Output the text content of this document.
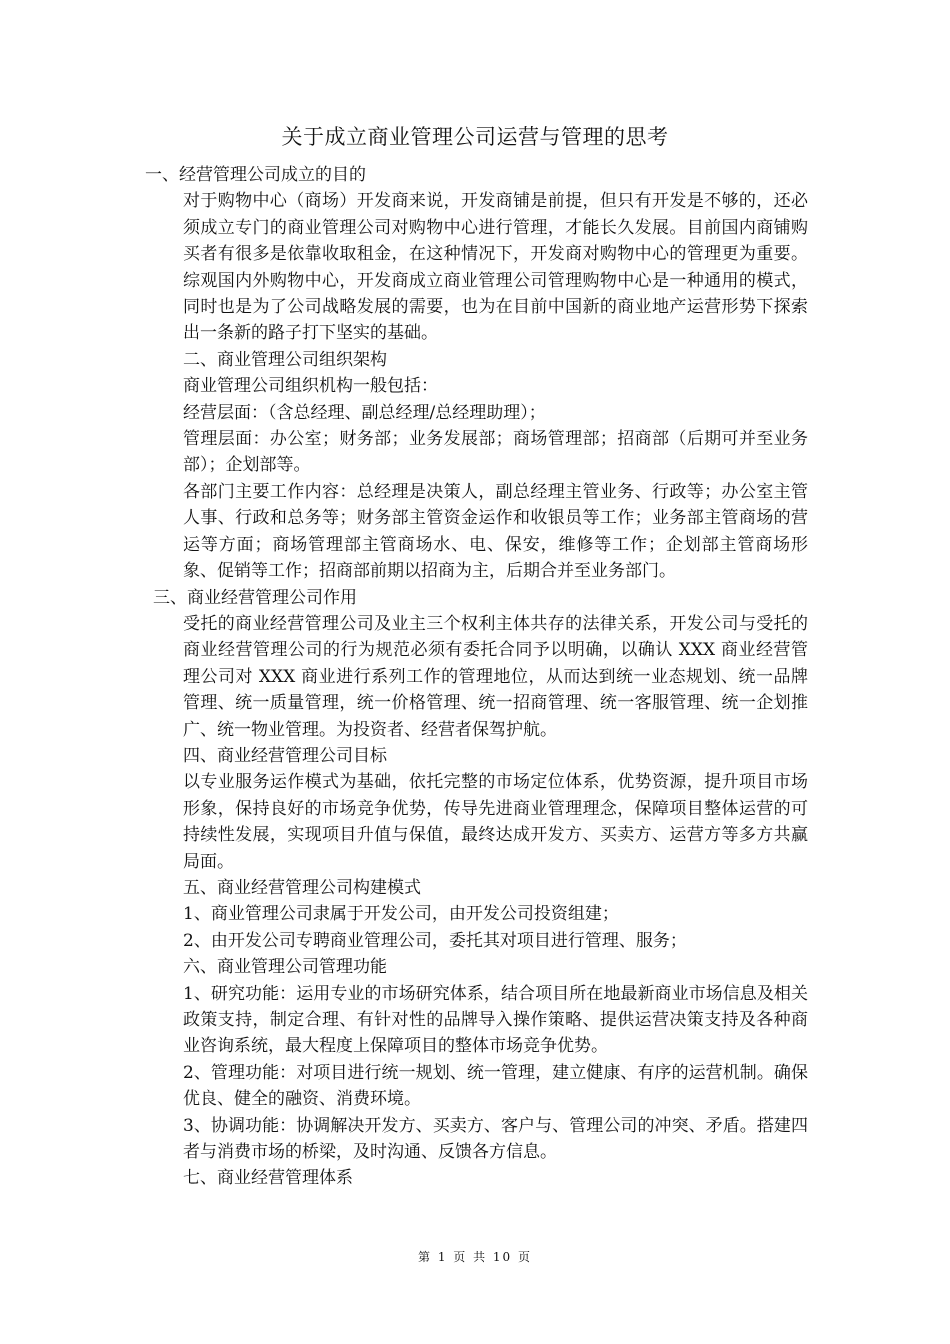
关于成立商业管理公司运营与管理的思考

一、经营管理公司成立的目的

对于购物中心（商场）开发商来说，开发商铺是前提，但只有开发是不够的，还必须成立专门的商业管理公司对购物中心进行管理，才能长久发展。目前国内商铺购买者有很多是依靠收取租金，在这种情况下，开发商对购物中心的管理更为重要。综观国内外购物中心，开发商成立商业管理公司管理购物中心是一种通用的模式，同时也是为了公司战略发展的需要，也为在目前中国新的商业地产运营形势下探索出一条新的路子打下坚实的基础。

二、商业管理公司组织架构

商业管理公司组织机构一般包括：

经营层面：（含总经理、副总经理/总经理助理）；

管理层面：办公室；财务部；业务发展部；商场管理部；招商部（后期可并至业务部）；企划部等。

各部门主要工作内容：总经理是决策人，副总经理主管业务、行政等；办公室主管人事、行政和总务等；财务部主管资金运作和收银员等工作；业务部主管商场的营运等方面；商场管理部主管商场水、电、保安，维修等工作；企划部主管商场形象、促销等工作；招商部前期以招商为主，后期合并至业务部门。

三、商业经营管理公司作用

受托的商业经营管理公司及业主三个权利主体共存的法律关系，开发公司与受托的商业经营管理公司的行为规范必须有委托合同予以明确，以确认 XXX 商业经营管理公司对 XXX 商业进行系列工作的管理地位，从而达到统一业态规划、统一品牌管理、统一质量管理，统一价格管理、统一招商管理、统一客服管理、统一企划推广、统一物业管理。为投资者、经营者保驾护航。

四、商业经营管理公司目标

以专业服务运作模式为基础，依托完整的市场定位体系，优势资源，提升项目市场形象，保持良好的市场竞争优势，传导先进商业管理理念，保障项目整体运营的可持续性发展，实现项目升值与保值，最终达成开发方、买卖方、运营方等多方共赢局面。

五、商业经营管理公司构建模式

1、商业管理公司隶属于开发公司，由开发公司投资组建；

2、由开发公司专聘商业管理公司，委托其对项目进行管理、服务；

六、商业管理公司管理功能

1、研究功能：运用专业的市场研究体系，结合项目所在地最新商业市场信息及相关政策支持，制定合理、有针对性的品牌导入操作策略、提供运营决策支持及各种商业咨询系统，最大程度上保障项目的整体市场竞争优势。

2、管理功能：对项目进行统一规划、统一管理，建立健康、有序的运营机制。确保优良、健全的融资、消费环境。

3、协调功能：协调解决开发方、买卖方、客户与、管理公司的冲突、矛盾。搭建四者与消费市场的桥梁，及时沟通、反馈各方信息。

七、商业经营管理体系

第 1 页 共 10 页
